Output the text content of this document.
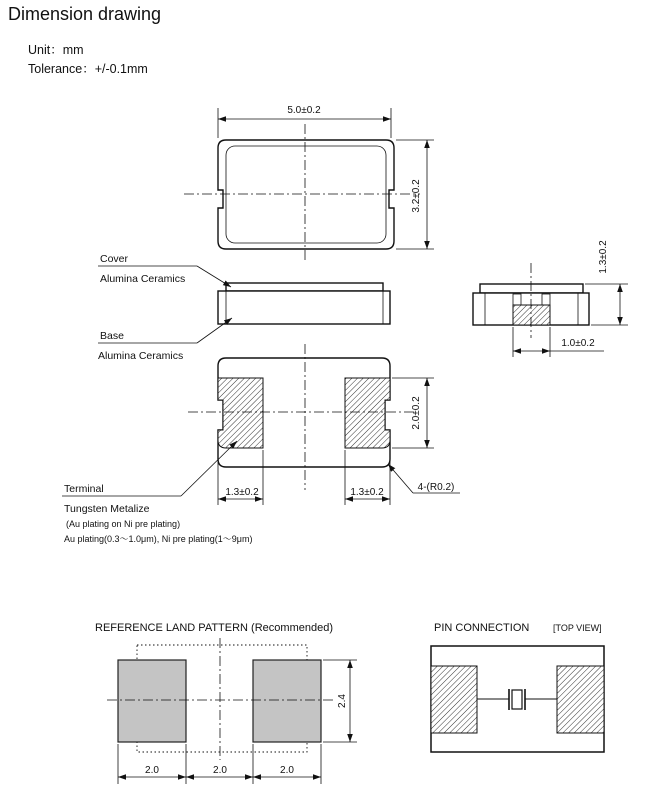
Dimension drawing
Unit：mm
Tolerance：+/-0.1mm
5.0±0.2
3.2±0.2
Cover
Alumina Ceramics
Base
Alumina Ceramics
1.3±0.2
1.0±0.2
2.0±0.2
1.3±0.2	1.3±0.2	4-(R0.2)
Terminal
Tungsten Metalize
(Au plating on Ni pre plating)
Au plating(0.3〜1.0μm), Ni pre plating(1〜9μm)
REFERENCE LAND PATTERN (Recommended)
2.4
2.0	2.0	2.0
PIN CONNECTION	[TOP VIEW]
